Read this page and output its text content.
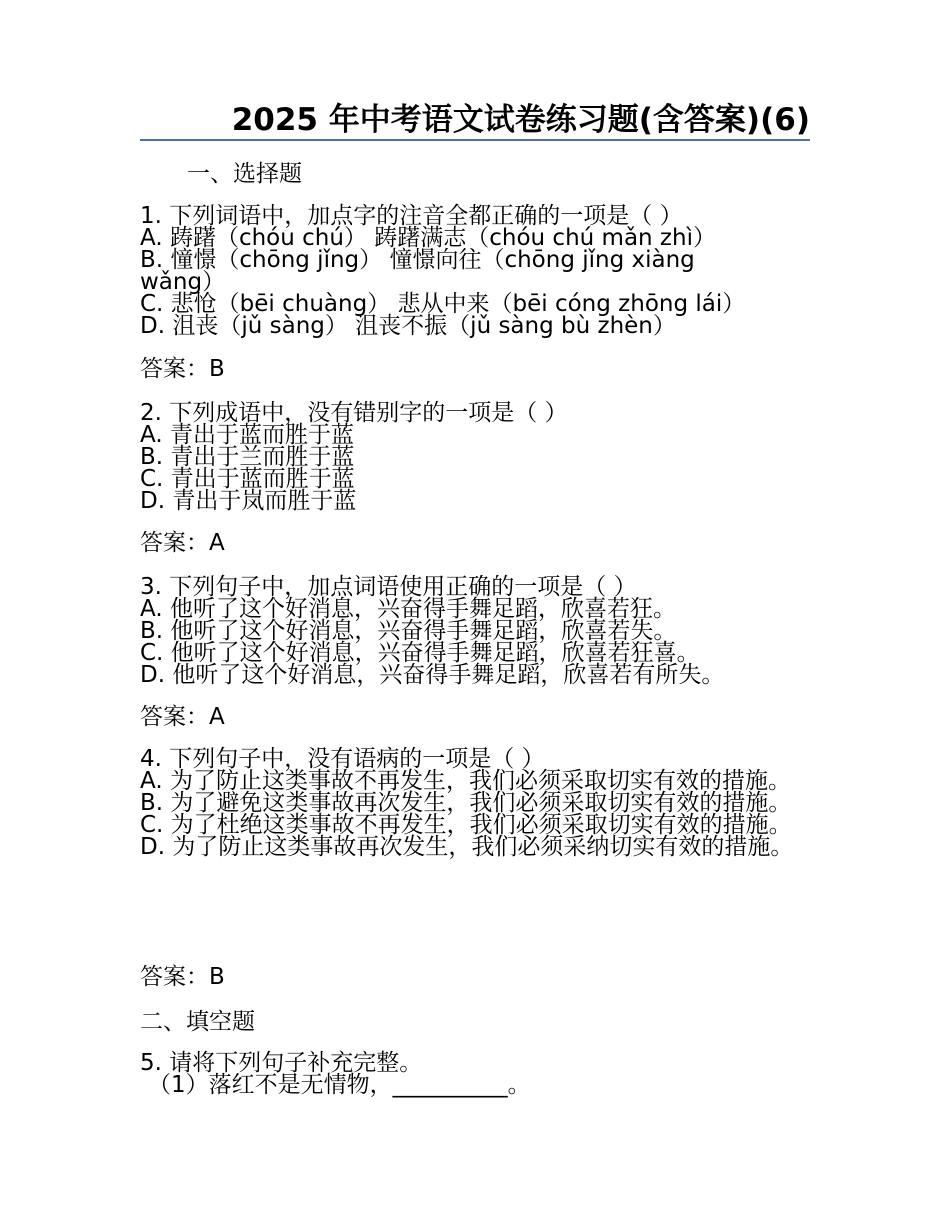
2025 年中考语文试卷练习题(含答案)(6)
一、选择题
1. 下列词语中，加点字的注音全都正确的一项是（ ）
A. 踌躇（chóu chú） 踌躇满志（chóu chú mǎn zhì）
B. 憧憬（chōng jǐng） 憧憬向往（chōng jǐng xiàng wǎng）
C. 悲怆（bēi chuàng） 悲从中来（bēi cóng zhōng lái）
D. 沮丧（jǔ sàng） 沮丧不振（jǔ sàng bù zhèn）
答案：B
2. 下列成语中，没有错别字的一项是（ ）
A. 青出于蓝而胜于蓝
B. 青出于兰而胜于蓝
C. 青出于蓝而胜于蓝
D. 青出于岚而胜于蓝
答案：A
3. 下列句子中，加点词语使用正确的一项是（ ）
A. 他听了这个好消息，兴奋得手舞足蹈，欣喜若狂。
B. 他听了这个好消息，兴奋得手舞足蹈，欣喜若失。
C. 他听了这个好消息，兴奋得手舞足蹈，欣喜若狂喜。
D. 他听了这个好消息，兴奋得手舞足蹈，欣喜若有所失。
答案：A
4. 下列句子中，没有语病的一项是（ ）
A. 为了防止这类事故不再发生，我们必须采取切实有效的措施。
B. 为了避免这类事故再次发生，我们必须采取切实有效的措施。
C. 为了杜绝这类事故不再发生，我们必须采取切实有效的措施。
D. 为了防止这类事故再次发生，我们必须采纳切实有效的措施。
答案：B
二、填空题
5. 请将下列句子补充完整。
（1）落红不是无情物，__________。
